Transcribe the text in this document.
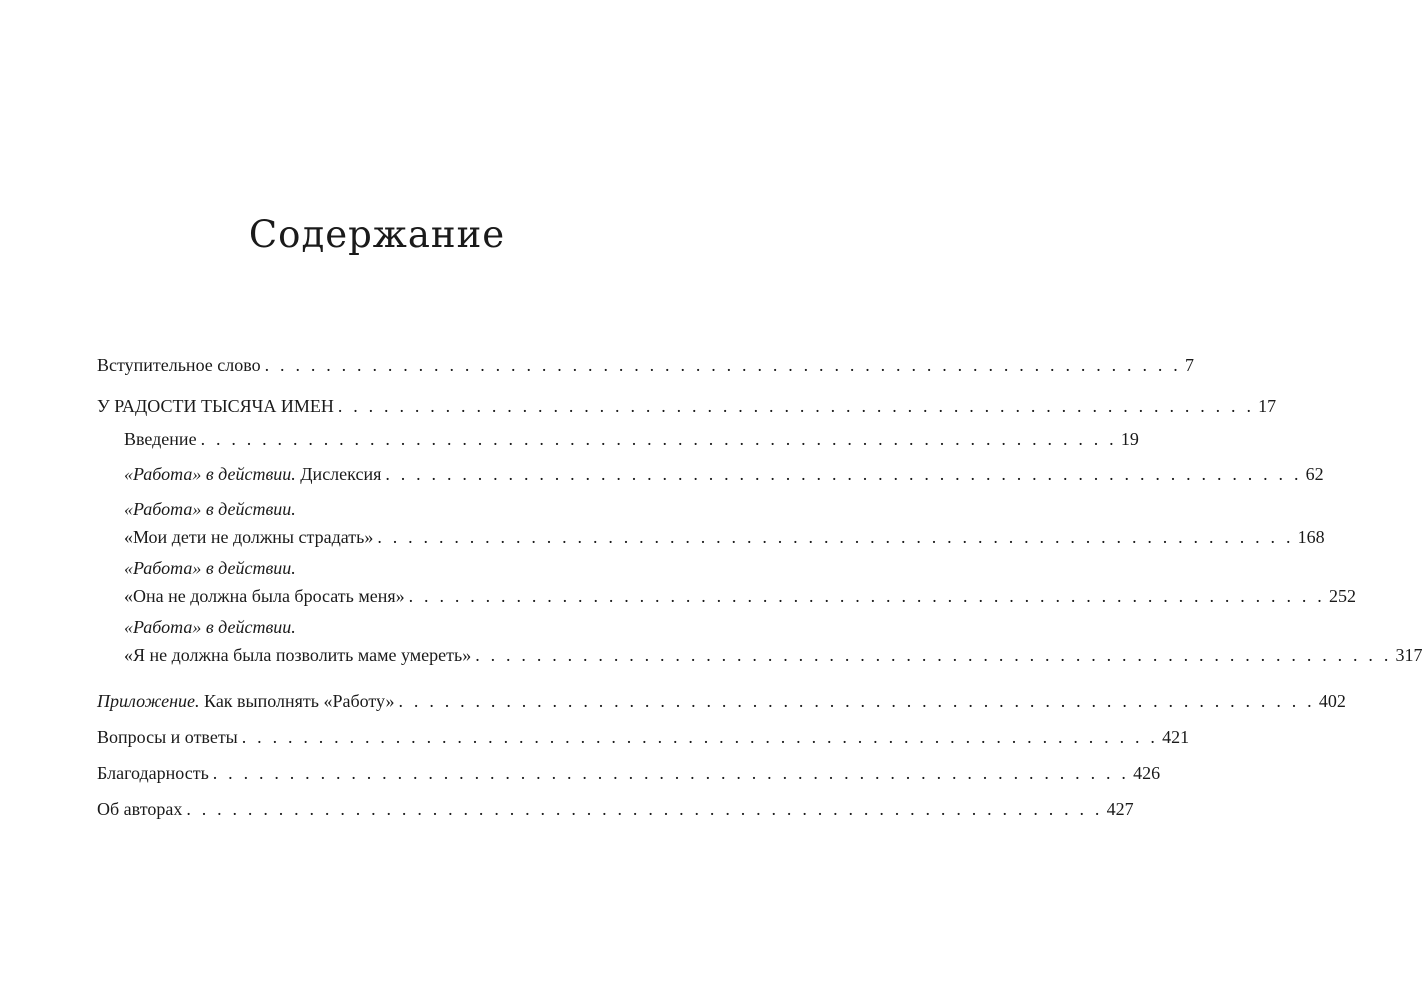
Содержание
Вступительное слово . . . . . . . . . . . . . . . . . . . . . . . . . . . . . . . . . . . . . . . . . . . . . . . . . . . . . . . . . . . . 7
У РАДОСТИ ТЫСЯЧА ИМЕН . . . . . . . . . . . . . . . . . . . . . . . . . . . . . . . . . . . . . . . . . . . . . . . . . . . . . . . . . . . . 17
Введение . . . . . . . . . . . . . . . . . . . . . . . . . . . . . . . . . . . . . . . . . . . . . . . . . . . . . . . . . . . . 19
«Работа» в действии. Дислексия . . . . . . . . . . . . . . . . . . . . . . . . . . . . . . . . . . . . . . . . . . . . . . . . . . . . . . . . . . . . 62
«Работа» в действии.
«Мои дети не должны страдать» . . . . . . . . . . . . . . . . . . . . . . . . . . . . . . . . . . . . . . . . . . . . . . . . . . . . . . . . . . . . 168
«Работа» в действии.
«Она не должна была бросать меня» . . . . . . . . . . . . . . . . . . . . . . . . . . . . . . . . . . . . . . . . . . . . . . . . . . . . . . . . . . . . 252
«Работа» в действии.
«Я не должна была позволить маме умереть» . . . . . . . . . . . . . . . . . . . . . . . . . . . . . . . . . . . . . . . . . . . . . . . . . . . . . . . . . . . . 317
Приложение. Как выполнять «Работу» . . . . . . . . . . . . . . . . . . . . . . . . . . . . . . . . . . . . . . . . . . . . . . . . . . . . . . . . . . . . 402
Вопросы и ответы . . . . . . . . . . . . . . . . . . . . . . . . . . . . . . . . . . . . . . . . . . . . . . . . . . . . . . . . . . . . 421
Благодарность . . . . . . . . . . . . . . . . . . . . . . . . . . . . . . . . . . . . . . . . . . . . . . . . . . . . . . . . . . . . 426
Об авторах . . . . . . . . . . . . . . . . . . . . . . . . . . . . . . . . . . . . . . . . . . . . . . . . . . . . . . . . . . . . 427
